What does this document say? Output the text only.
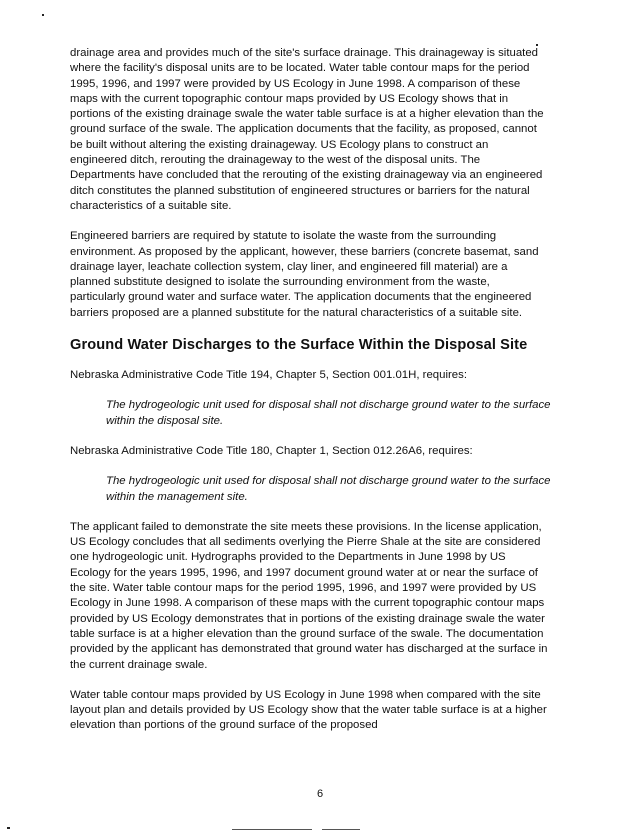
drainage area and provides much of the site's surface drainage. This drainageway is situated where the facility's disposal units are to be located. Water table contour maps for the period 1995, 1996, and 1997 were provided by US Ecology in June 1998. A comparison of these maps with the current topographic contour maps provided by US Ecology shows that in portions of the existing drainage swale the water table surface is at a higher elevation than the ground surface of the swale. The application documents that the facility, as proposed, cannot be built without altering the existing drainageway. US Ecology plans to construct an engineered ditch, rerouting the drainageway to the west of the disposal units. The Departments have concluded that the rerouting of the existing drainageway via an engineered ditch constitutes the planned substitution of engineered structures or barriers for the natural characteristics of a suitable site.

Engineered barriers are required by statute to isolate the waste from the surrounding environment. As proposed by the applicant, however, these barriers (concrete basemat, sand drainage layer, leachate collection system, clay liner, and engineered fill material) are a planned substitute designed to isolate the surrounding environment from the waste, particularly ground water and surface water. The application documents that the engineered barriers proposed are a planned substitute for the natural characteristics of a suitable site.

Ground Water Discharges to the Surface Within the Disposal Site

Nebraska Administrative Code Title 194, Chapter 5, Section 001.01H, requires:

The hydrogeologic unit used for disposal shall not discharge ground water to the surface within the disposal site.

Nebraska Administrative Code Title 180, Chapter 1, Section 012.26A6, requires:

The hydrogeologic unit used for disposal shall not discharge ground water to the surface within the management site.

The applicant failed to demonstrate the site meets these provisions. In the license application, US Ecology concludes that all sediments overlying the Pierre Shale at the site are considered one hydrogeologic unit. Hydrographs provided to the Departments in June 1998 by US Ecology for the years 1995, 1996, and 1997 document ground water at or near the surface of the site. Water table contour maps for the period 1995, 1996, and 1997 were provided by US Ecology in June 1998. A comparison of these maps with the current topographic contour maps provided by US Ecology demonstrates that in portions of the existing drainage swale the water table surface is at a higher elevation than the ground surface of the swale. The documentation provided by the applicant has demonstrated that ground water has discharged at the surface in the current drainage swale.

Water table contour maps provided by US Ecology in June 1998 when compared with the site layout plan and details provided by US Ecology show that the water table surface is at a higher elevation than portions of the ground surface of the proposed

6
